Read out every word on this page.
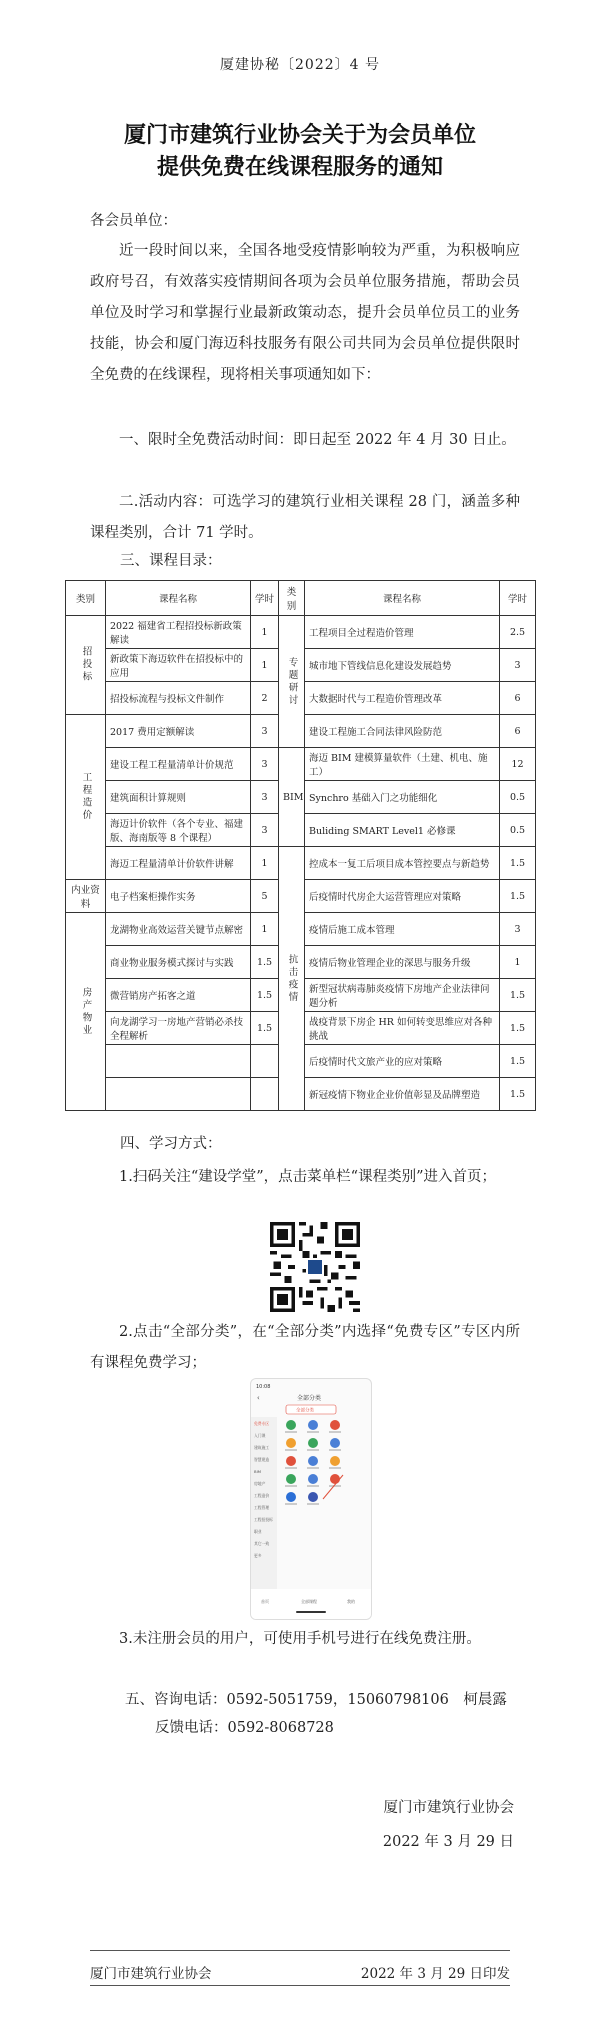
厦建协秘〔2022〕4 号
厦门市建筑行业协会关于为会员单位
提供免费在线课程服务的通知
各会员单位：
近一段时间以来，全国各地受疫情影响较为严重，为积极响应政府号召，有效落实疫情期间各项为会员单位服务措施，帮助会员单位及时学习和掌握行业最新政策动态，提升会员单位员工的业务技能，协会和厦门海迈科技服务有限公司共同为会员单位提供限时全免费的在线课程，现将相关事项通知如下：
一、限时全免费活动时间：即日起至 2022 年 4 月 30 日止。
二.活动内容：可选学习的建筑行业相关课程 28 门，涵盖多种课程类别，合计 71 学时。
三、课程目录：
类别	课程名称	学时	类别	课程名称	学时
招投标	2022 福建省工程招投标新政策解读	1	专题研讨	工程项目全过程造价管理	2.5
	新政策下海迈软件在招投标中的应用	1		城市地下管线信息化建设发展趋势	3
	招投标流程与投标文件制作	2		大数据时代与工程造价管理改革	6
工程造价	2017 费用定额解读	3		建设工程施工合同法律风险防范	6
	建设工程工程量清单计价规范	3	BIM	海迈 BIM 建模算量软件（土建、机电、施工）	12
	建筑面积计算规则	3		Synchro 基础入门之功能细化	0.5
	海迈计价软件（各个专业、福建版、海南版等 8 个课程）	3		Buliding SMART Level1 必修课	0.5
	海迈工程量清单计价软件讲解	1	抗击疫情	控成本一复工后项目成本管控要点与新趋势	1.5
内业资料	电子档案柜操作实务	5		后疫情时代房企大运营管理应对策略	1.5
房产物业	龙湖物业高效运营关键节点解密	1		疫情后施工成本管理	3
	商业物业服务模式探讨与实践	1.5		疫情后物业管理企业的深思与服务升级	1
	微营销房产拓客之道	1.5		新型冠状病毒肺炎疫情下房地产企业法律问题分析	1.5
	向龙湖学习一房地产营销必杀技全程解析	1.5		战疫背景下房企 HR 如何转变思维应对各种挑战	1.5
				后疫情时代文旅产业的应对策略	1.5
				新冠疫情下物业企业价值彰显及品牌塑造	1.5
四、学习方式：
1.扫码关注“建设学堂”，点击菜单栏“课程类别”进入首页；
2.点击“全部分类”，在“全部分类”内选择“免费专区”专区内所有课程免费学习；
10:08
全部分类
‹
全部分类
免费专区
入门课
建筑施工
智慧建造
BIM
房地产
工程造价
工程管理
工程招投标
职业
其它一致
更多
首页	全部课程	我的
3.未注册会员的用户，可使用手机号进行在线免费注册。
五、咨询电话：0592-5051759，15060798106　柯晨露
反馈电话：0592-8068728
厦门市建筑行业协会
2022 年 3 月 29 日
厦门市建筑行业协会	2022 年 3 月 29 日印发
